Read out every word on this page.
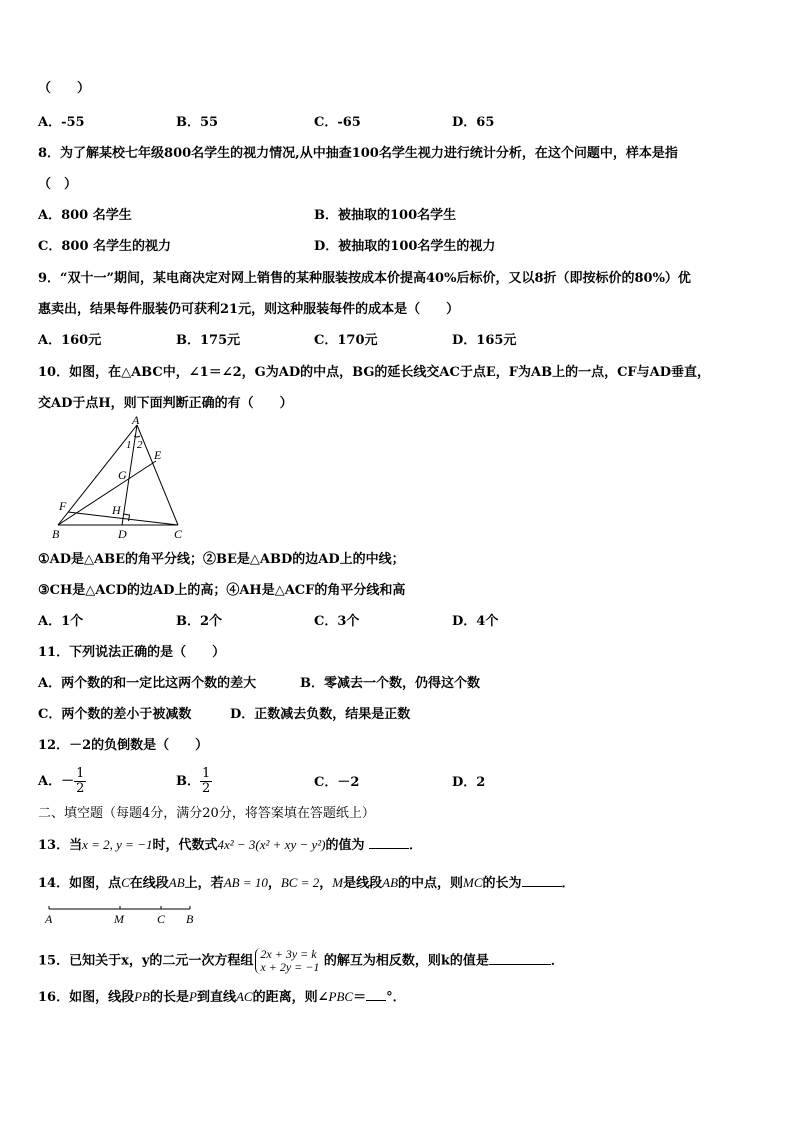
（　　）
A．-55	B．55	C．-65	D．65
8．为了解某校七年级800名学生的视力情况,从中抽查100名学生视力进行统计分析，在这个问题中，样本是指
（　）
A．800 名学生	B．被抽取的100名学生
C．800 名学生的视力	D．被抽取的100名学生的视力
9．“双十一”期间，某电商决定对网上销售的某种服装按成本价提高40%后标价，又以8折（即按标价的80%）优
惠卖出，结果每件服装仍可获利21元，则这种服装每件的成本是（　　）
A．160元	B．175元	C．170元	D．165元
10．如图，在△ABC中，∠1＝∠2，G为AD的中点，BG的延长线交AC于点E，F为AB上的一点，CF与AD垂直，
交AD于点H，则下面判断正确的有（　　）
A
1 2
E
G
F	H
B	D	C
①AD是△ABE的角平分线；②BE是△ABD的边AD上的中线；
③CH是△ACD的边AD上的高；④AH是△ACF的角平分线和高
A．1个	B．2个	C．3个	D．4个
11．下列说法正确的是（　　）
A．两个数的和一定比这两个数的差大	B．零减去一个数，仍得这个数
C．两个数的差小于被减数	D．正数减去负数，结果是正数
12．－2的负倒数是（　　）
A．－ $\frac{1}{2}$	B． $\frac{1}{2}$	C．－2	D．2
二、填空题（每题4分，满分20分，将答案填在答题纸上）
13．当x = 2, y = −1时，代数式4x² − 3(x² + xy − y²)的值为	．
14．如图，点C在线段AB上，若AB = 10，BC = 2，M是线段AB的中点，则MC的长为	．
A	M	C B
15．已知关于x，y的二元一次方程组 2x + 3y = k
x + 2y = −1 的解互为相反数，则k的值是	．
16．如图，线段PB的长是P到直线AC的距离，则∠PBC＝ °．
